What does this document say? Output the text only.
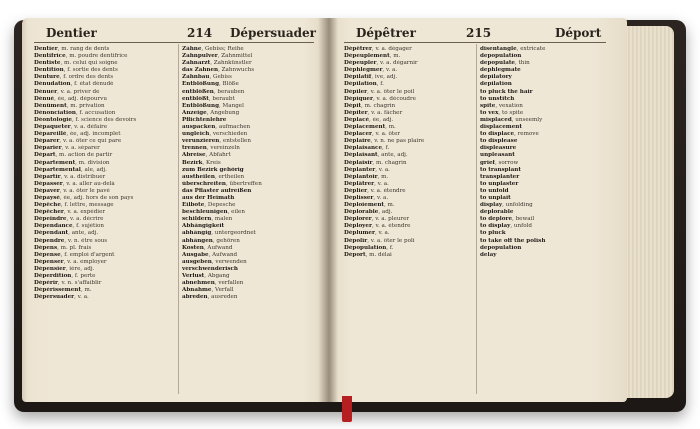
Dentier	214 Dépersuader	Dépêtrer	215	Déport
Dentier, m. rang de dents
Dentifrice, m. poudre dentifrice
Dentiste, m. celui qui soigne
Dentition, f. sortie des dents
Denture, f. ordre des dents
Dénudation, f. état dénudé
Dénuer, v. a. priver de
Dénué, ée, adj. dépourvu
Dénûment, m. privation
Dénonciation, f. accusation
Déontologie, f. science des devoirs
Dépaqueter, v. a. défaire
Dépareillé, ée, adj. incomplet
Déparer, v. a. ôter ce qui pare
Déparier, v. a. séparer
Départ, m. action de partir
Département, m. division
Départemental, ale, adj.
Départir, v. a. distribuer
Dépasser, v. a. aller au-delà
Dépaver, v. a. ôter le pavé
Dépaysé, ée, adj. hors de son pays
Dépêche, f. lettre, message
Dépêcher, v. a. expédier
Dépeindre, v. a. décrire
Dépendance, f. sujétion
Dépendant, ante, adj.
Dépendre, v. n. être sous
Dépens, m. pl. frais
Dépense, f. emploi d'argent
Dépenser, v. a. employer
Dépensier, ière, adj.
Déperdition, f. perte
Dépérir, v. n. s'affaiblir
Dépérissement, m.
Dépersuader, v. a.
Zähne, Gebiss; Reihe
Zahnpulver, Zahnmittel
Zahnarzt, Zahnkünstler
das Zahnen, Zahnwuchs
Zahnbau, Gebiss
Entblößung, Blöße
entblößen, berauben
entblößt, beraubt
Entblößung, Mangel
Anzeige, Angebung
Pflichtenlehre
auspacken, aufmachen
ungleich, verschieden
verunzieren, entstellen
trennen, vereinzeln
Abreise, Abfahrt
Bezirk, Kreis
zum Bezirk gehörig
austheilen, ertheilen
überschreiten, übertreffen
das Pflaster aufreißen
aus der Heimath
Eilbote, Depesche
beschleunigen, eilen
schildern, malen
Abhängigkeit
abhängig, untergeordnet
abhängen, gehören
Kosten, Aufwand
Ausgabe, Aufwand
ausgeben, verwenden
verschwenderisch
Verlust, Abgang
abnehmen, verfallen
Abnahme, Verfall
abreden, ausreden
Dépêtrer, v. a. dégager
Dépeuplement, m.
Dépeupler, v. a. dégarnir
Déphlegmer, v. a.
Dépilatif, ive, adj.
Dépilation, f.
Dépiler, v. a. ôter le poil
Dépiquer, v. a. découdre
Dépit, m. chagrin
Dépiter, v. a. fâcher
Déplacé, ée, adj.
Déplacement, m.
Déplacer, v. a. ôter
Déplaire, v. n. ne pas plaire
Déplaisance, f.
Déplaisant, ante, adj.
Déplaisir, m. chagrin
Déplanter, v. a.
Déplantoir, m.
Déplâtrer, v. a.
Déplier, v. a. étendre
Déplisser, v. a.
Déploiement, m.
Déplorable, adj.
Déplorer, v. a. pleurer
Déployer, v. a. étendre
Déplumer, v. a.
Dépolir, v. a. ôter le poli
Dépopulation, f.
Déport, m. délai
disentangle, extricate
depopulation
depopulate, thin
dephlegmate
depilatory
depilation
to pluck the hair
to unstitch
spite, vexation
to vex, to spite
misplaced, unseemly
displacement
to displace, remove
to displease
displeasure
unpleasant
grief, sorrow
to transplant
transplanter
to unplaster
to unfold
to unplait
display, unfolding
deplorable
to deplore, bewail
to display, unfold
to pluck
to take off the polish
depopulation
delay
